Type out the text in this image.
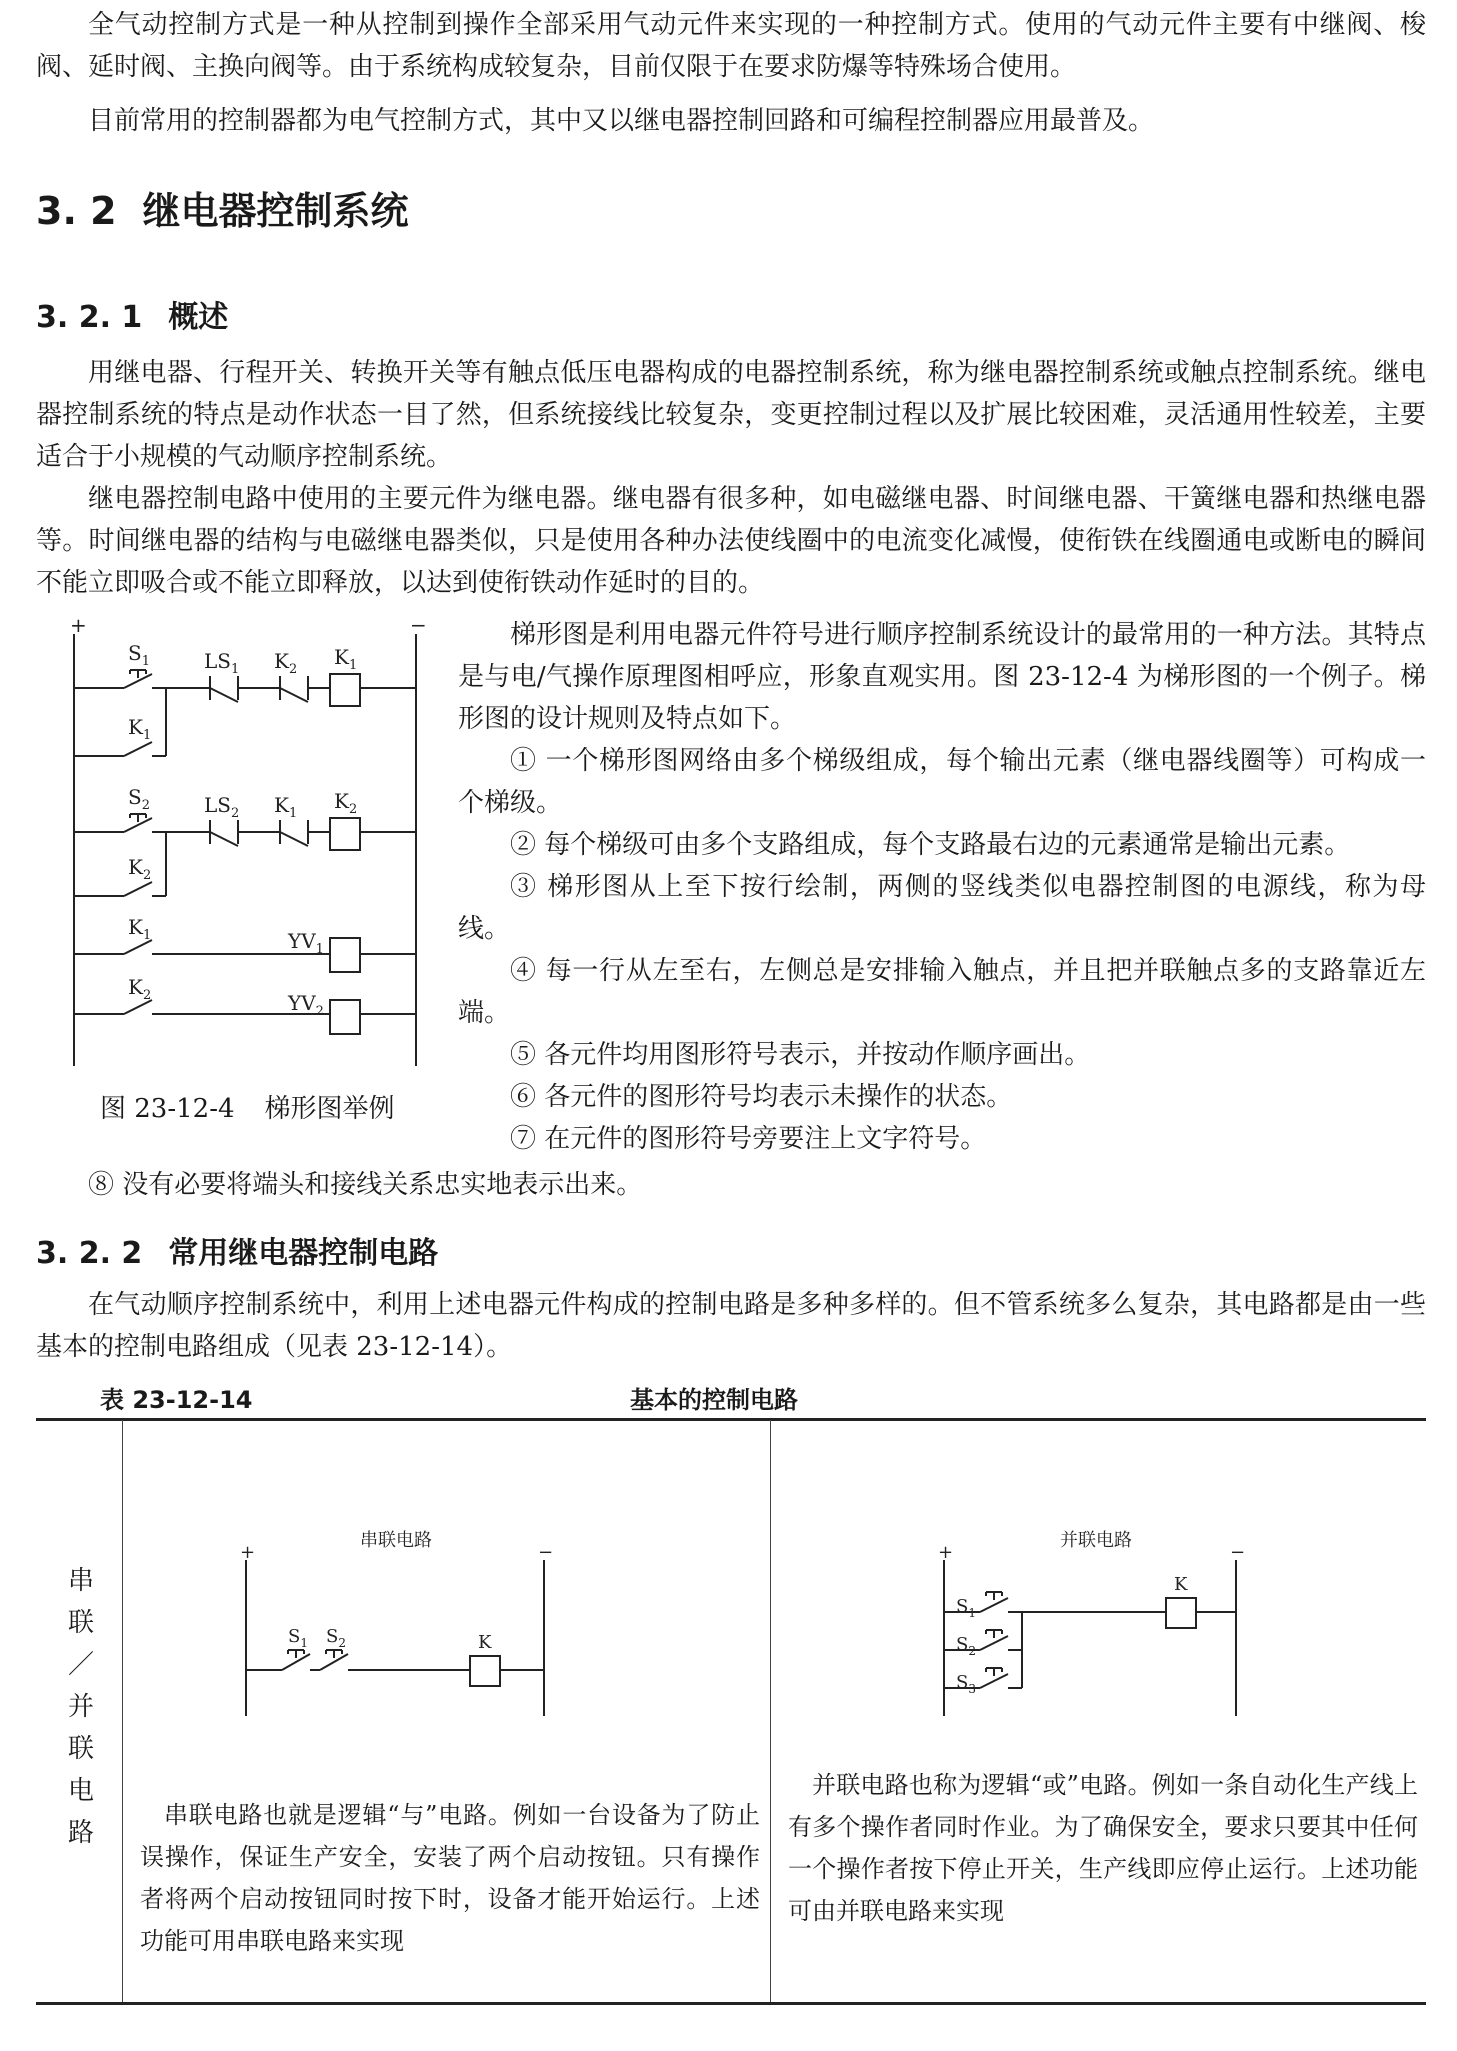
全气动控制方式是一种从控制到操作全部采用气动元件来实现的一种控制方式。使用的气动元件主要有中继阀、梭阀、延时阀、主换向阀等。由于系统构成较复杂，目前仅限于在要求防爆等特殊场合使用。
目前常用的控制器都为电气控制方式，其中又以继电器控制回路和可编程控制器应用最普及。
3. 2 继电器控制系统
3. 2. 1 概述
用继电器、行程开关、转换开关等有触点低压电器构成的电器控制系统，称为继电器控制系统或触点控制系统。继电器控制系统的特点是动作状态一目了然，但系统接线比较复杂，变更控制过程以及扩展比较困难，灵活通用性较差，主要适合于小规模的气动顺序控制系统。
继电器控制电路中使用的主要元件为继电器。继电器有很多种，如电磁继电器、时间继电器、干簧继电器和热继电器等。时间继电器的结构与电磁继电器类似，只是使用各种办法使线圈中的电流变化减慢，使衔铁在线圈通电或断电的瞬间不能立即吸合或不能立即释放，以达到使衔铁动作延时的目的。
+	−
$S_1$	$LS_1$ $K_2$
$K_1$
$K_1$
$S_2$	$LS_2$ $K_1$
$K_2$
$K_2$
$K_1$	$YV_1$
$K_2$	$YV_2$
图 23-12-4 梯形图举例
梯形图是利用电器元件符号进行顺序控制系统设计的最常用的一种方法。其特点是与电/气操作原理图相呼应，形象直观实用。图 23-12-4 为梯形图的一个例子。梯形图的设计规则及特点如下。
① 一个梯形图网络由多个梯级组成，每个输出元素（继电器线圈等）可构成一个梯级。
② 每个梯级可由多个支路组成，每个支路最右边的元素通常是输出元素。
③ 梯形图从上至下按行绘制，两侧的竖线类似电器控制图的电源线，称为母线。
④ 每一行从左至右，左侧总是安排输入触点，并且把并联触点多的支路靠近左端。
⑤ 各元件均用图形符号表示，并按动作顺序画出。
⑥ 各元件的图形符号均表示未操作的状态。
⑦ 在元件的图形符号旁要注上文字符号。
⑧ 没有必要将端头和接线关系忠实地表示出来。
3. 2. 2 常用继电器控制电路
在气动顺序控制系统中，利用上述电器元件构成的控制电路是多种多样的。但不管系统多么复杂，其电路都是由一些基本的控制电路组成（见表 23-12-14）。
表 23-12-14	基本的控制电路
串
联
／
并
联
电
路
串联电路
+	−
$S_1$ $S_2$	K
串联电路也就是逻辑“与”电路。例如一台设备为了防止误操作，保证生产安全，安装了两个启动按钮。只有操作者将两个启动按钮同时按下时，设备才能开始运行。上述功能可用串联电路来实现
并联电路
+	−
$S_1$
$S_2$
$S_3$
K
并联电路也称为逻辑“或”电路。例如一条自动化生产线上有多个操作者同时作业。为了确保安全，要求只要其中任何一个操作者按下停止开关，生产线即应停止运行。上述功能可由并联电路来实现
